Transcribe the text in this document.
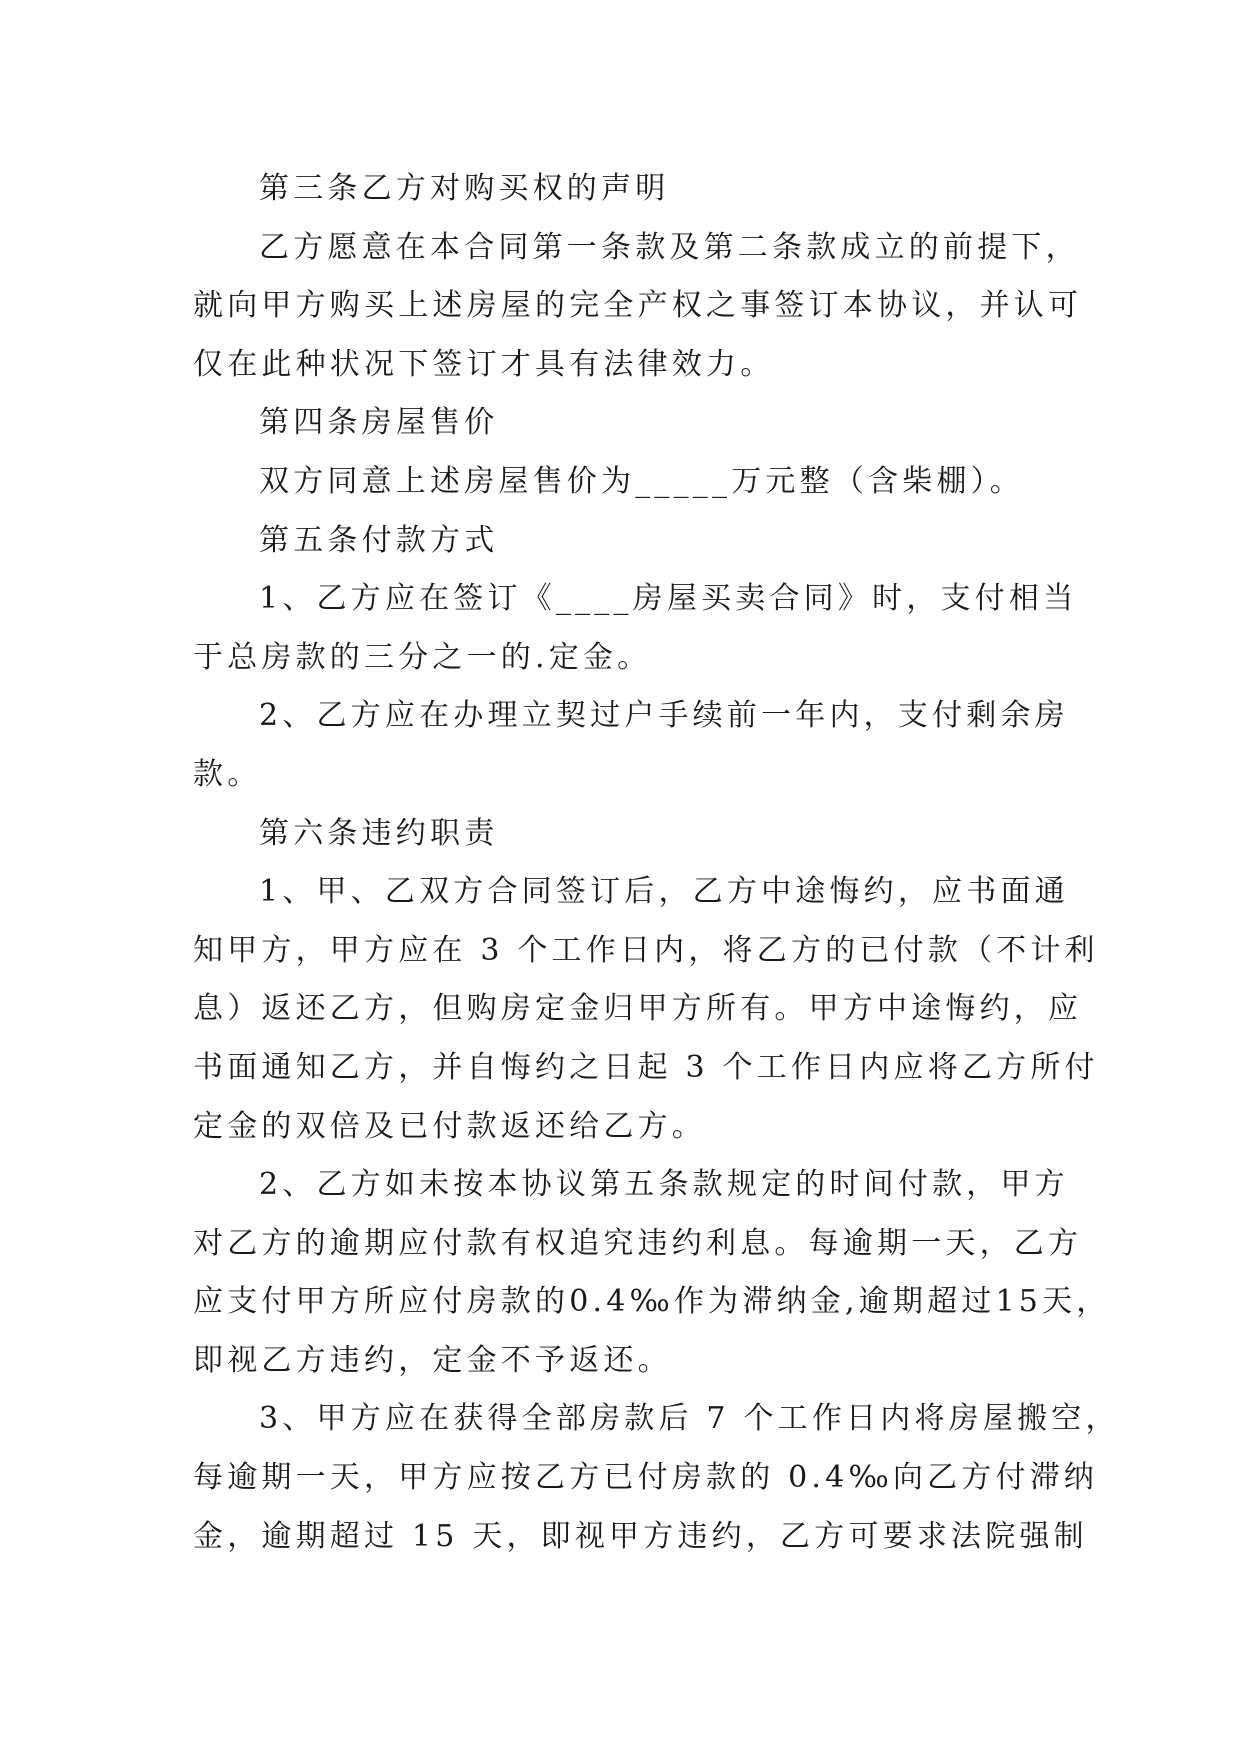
第三条乙方对购买权的声明
乙方愿意在本合同第一条款及第二条款成立的前提下，
就向甲方购买上述房屋的完全产权之事签订本协议，并认可
仅在此种状况下签订才具有法律效力。
第四条房屋售价
双方同意上述房屋售价为_____万元整（含柴棚）。
第五条付款方式
1、乙方应在签订《____房屋买卖合同》时，支付相当
于总房款的三分之一的.定金。
2、乙方应在办理立契过户手续前一年内，支付剩余房
款。
第六条违约职责
1、甲、乙双方合同签订后，乙方中途悔约，应书面通
知甲方，甲方应在 3 个工作日内，将乙方的已付款（不计利
息）返还乙方，但购房定金归甲方所有。甲方中途悔约，应
书面通知乙方，并自悔约之日起 3 个工作日内应将乙方所付
定金的双倍及已付款返还给乙方。
2、乙方如未按本协议第五条款规定的时间付款，甲方
对乙方的逾期应付款有权追究违约利息。每逾期一天，乙方
应支付甲方所应付房款的0.4‰作为滞纳金,逾期超过15天，
即视乙方违约，定金不予返还。
3、甲方应在获得全部房款后 7 个工作日内将房屋搬空，
每逾期一天，甲方应按乙方已付房款的 0.4‰向乙方付滞纳
金，逾期超过 15 天，即视甲方违约，乙方可要求法院强制
